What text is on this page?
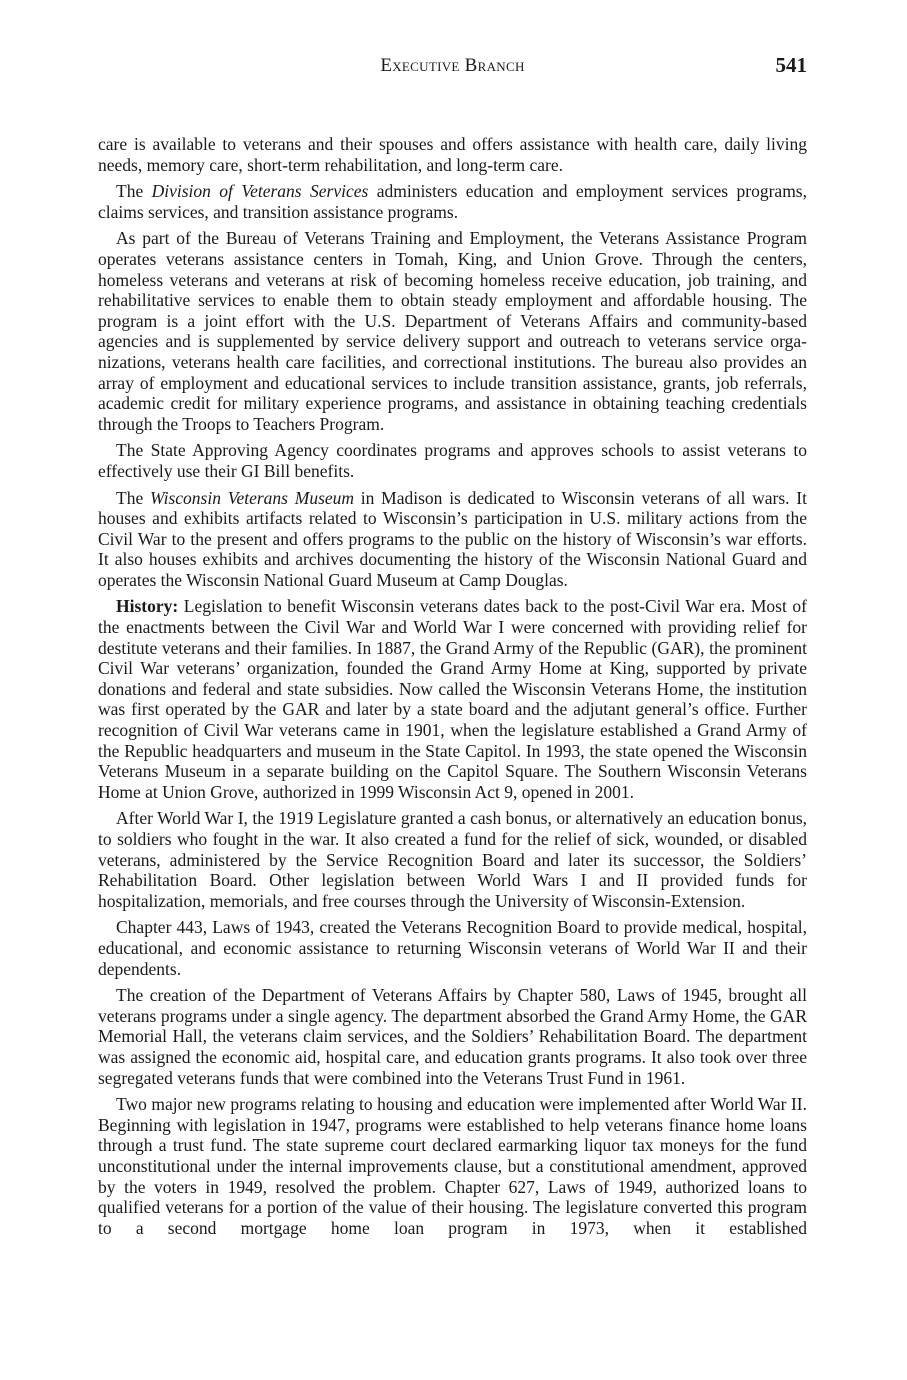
Executive Branch	541

care is available to veterans and their spouses and offers assistance with health care, daily living needs, memory care, short-term rehabilitation, and long-term care.

The Division of Veterans Services administers education and employment services programs, claims services, and transition assistance programs.

As part of the Bureau of Veterans Training and Employment, the Veterans Assistance Program operates veterans assistance centers in Tomah, King, and Union Grove. Through the centers, homeless veterans and veterans at risk of becoming homeless receive education, job training, and rehabilitative services to enable them to obtain steady employment and affordable housing. The program is a joint effort with the U.S. Department of Veterans Affairs and community-based agencies and is supplemented by service delivery support and outreach to veterans service organizations, veterans health care facilities, and correctional institutions. The bureau also provides an array of employment and educational services to include transition assistance, grants, job referrals, academic credit for military experience programs, and assistance in obtaining teaching credentials through the Troops to Teachers Program.

The State Approving Agency coordinates programs and approves schools to assist veterans to effectively use their GI Bill benefits.

The Wisconsin Veterans Museum in Madison is dedicated to Wisconsin veterans of all wars. It houses and exhibits artifacts related to Wisconsin’s participation in U.S. military actions from the Civil War to the present and offers programs to the public on the history of Wisconsin’s war efforts. It also houses exhibits and archives documenting the history of the Wisconsin National Guard and operates the Wisconsin National Guard Museum at Camp Douglas.

History: Legislation to benefit Wisconsin veterans dates back to the post-Civil War era. Most of the enactments between the Civil War and World War I were concerned with providing relief for destitute veterans and their families. In 1887, the Grand Army of the Republic (GAR), the prominent Civil War veterans’ organization, founded the Grand Army Home at King, supported by private donations and federal and state subsidies. Now called the Wisconsin Veterans Home, the institution was first operated by the GAR and later by a state board and the adjutant general’s office. Further recognition of Civil War veterans came in 1901, when the legislature established a Grand Army of the Republic headquarters and museum in the State Capitol. In 1993, the state opened the Wisconsin Veterans Museum in a separate building on the Capitol Square. The Southern Wisconsin Veterans Home at Union Grove, authorized in 1999 Wisconsin Act 9, opened in 2001.

After World War I, the 1919 Legislature granted a cash bonus, or alternatively an education bonus, to soldiers who fought in the war. It also created a fund for the relief of sick, wounded, or disabled veterans, administered by the Service Recognition Board and later its successor, the Soldiers’ Rehabilitation Board. Other legislation between World Wars I and II provided funds for hospitalization, memorials, and free courses through the University of Wisconsin-Extension.

Chapter 443, Laws of 1943, created the Veterans Recognition Board to provide medical, hospital, educational, and economic assistance to returning Wisconsin veterans of World War II and their dependents.

The creation of the Department of Veterans Affairs by Chapter 580, Laws of 1945, brought all veterans programs under a single agency. The department absorbed the Grand Army Home, the GAR Memorial Hall, the veterans claim services, and the Soldiers’ Rehabilitation Board. The department was assigned the economic aid, hospital care, and education grants programs. It also took over three segregated veterans funds that were combined into the Veterans Trust Fund in 1961.

Two major new programs relating to housing and education were implemented after World War II. Beginning with legislation in 1947, programs were established to help veterans finance home loans through a trust fund. The state supreme court declared earmarking liquor tax moneys for the fund unconstitutional under the internal improvements clause, but a constitutional amendment, approved by the voters in 1949, resolved the problem. Chapter 627, Laws of 1949, authorized loans to qualified veterans for a portion of the value of their housing. The legislature converted this program to a second mortgage home loan program in 1973, when it established
